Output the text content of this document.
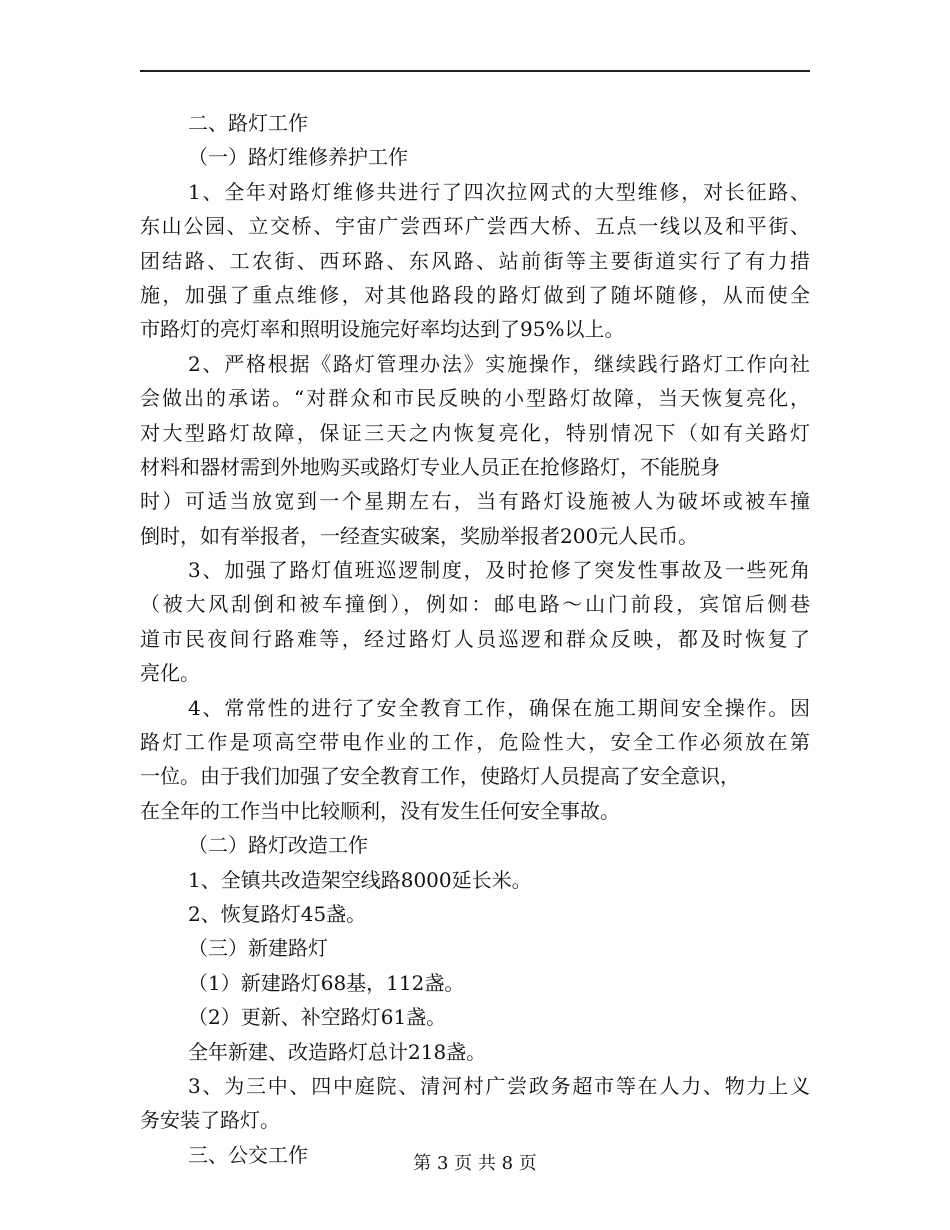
二、路灯工作
（一）路灯维修养护工作
1、全年对路灯维修共进行了四次拉网式的大型维修，对长征路、
东山公园、立交桥、宇宙广尝西环广尝西大桥、五点一线以及和平街、
团结路、工农街、西环路、东风路、站前街等主要街道实行了有力措
施，加强了重点维修，对其他路段的路灯做到了随坏随修，从而使全
市路灯的亮灯率和照明设施完好率均达到了95%以上。
2、严格根据《路灯管理办法》实施操作，继续践行路灯工作向社
会做出的承诺。“对群众和市民反映的小型路灯故障，当天恢复亮化，
对大型路灯故障，保证三天之内恢复亮化，特别情况下（如有关路灯
材料和器材需到外地购买或路灯专业人员正在抢修路灯，不能脱身
时）可适当放宽到一个星期左右，当有路灯设施被人为破坏或被车撞
倒时，如有举报者，一经查实破案，奖励举报者200元人民币。
3、加强了路灯值班巡逻制度，及时抢修了突发性事故及一些死角
（被大风刮倒和被车撞倒），例如：邮电路～山门前段，宾馆后侧巷
道市民夜间行路难等，经过路灯人员巡逻和群众反映，都及时恢复了
亮化。
4、常常性的进行了安全教育工作，确保在施工期间安全操作。因
路灯工作是项高空带电作业的工作，危险性大，安全工作必须放在第
一位。由于我们加强了安全教育工作，使路灯人员提高了安全意识，
在全年的工作当中比较顺利，没有发生任何安全事故。
（二）路灯改造工作
1、全镇共改造架空线路8000延长米。
2、恢复路灯45盏。
（三）新建路灯
（1）新建路灯68基，112盏。
（2）更新、补空路灯61盏。
全年新建、改造路灯总计218盏。
3、为三中、四中庭院、清河村广尝政务超市等在人力、物力上义
务安装了路灯。
三、公交工作	第 3 页 共 8 页
